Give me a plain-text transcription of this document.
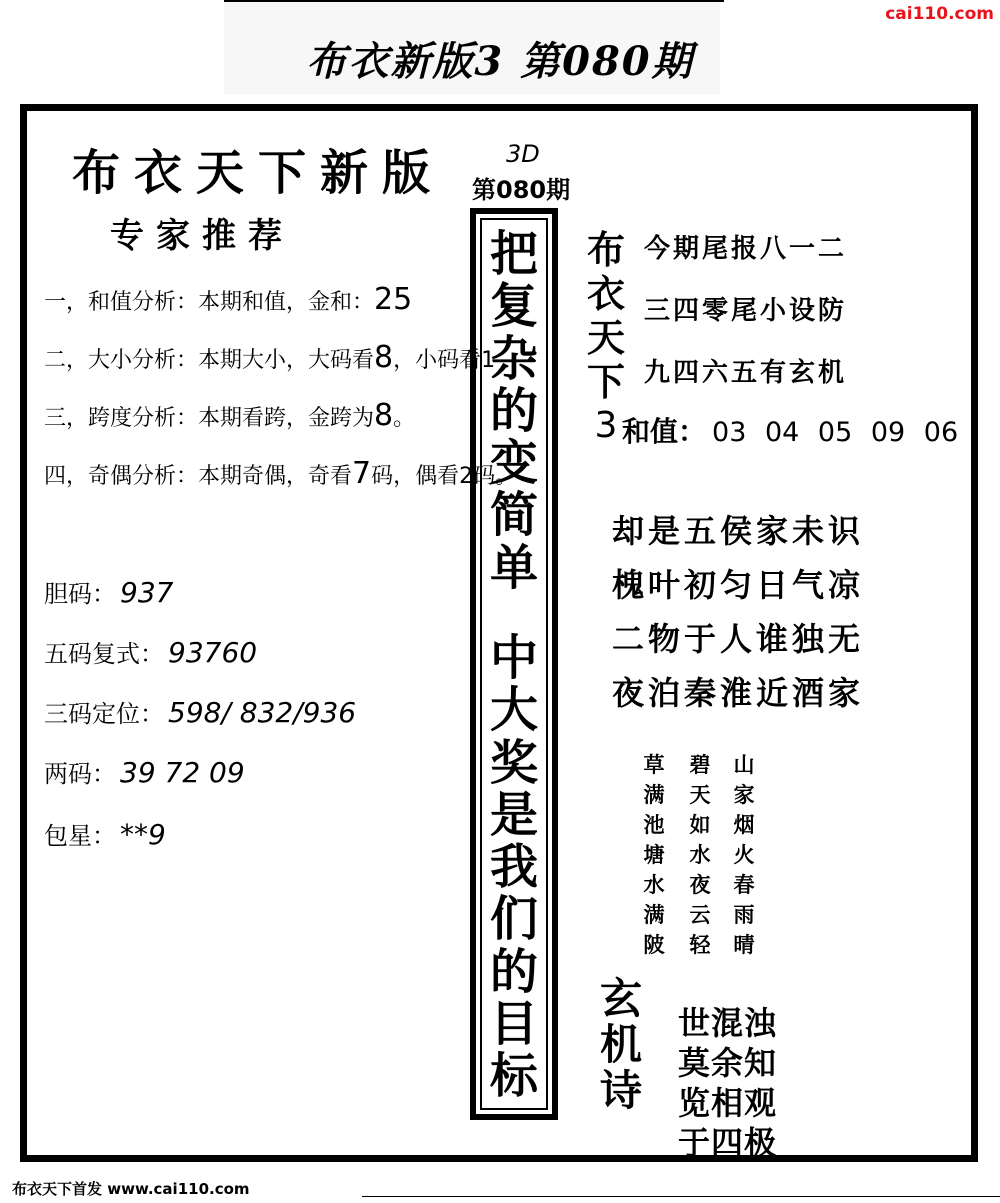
cai110.com
布衣新版3 第080期
布衣天下新版
专家推荐
一，和值分析：本期和值，金和：25
二，大小分析：本期大小，大码看8，小码看1
三，跨度分析：本期看跨，金跨为8。
四，奇偶分析：本期奇偶，奇看7码，偶看2码。
胆码： 937
五码复式： 93760
三码定位： 598/ 832/936
两码： 39 72 09
包星： **9
3D
第080期
把
复
杂
的
变
简
单
中
大
奖
是
我
们
的
目
标
布
衣
天
下
3
今期尾报八一二
三四零尾小设防
九四六五有玄机
和值： 03 04 05 09 06
却是五侯家未识
槐叶初匀日气凉
二物于人谁独无
夜泊秦淮近酒家
草
满
池
塘
水
满
陂
碧
天
如
水
夜
云
轻
山
家
烟
火
春
雨
晴
玄
机
诗
世混浊
莫余知
览相观
于四极
布衣天下首发 www.cai110.com
